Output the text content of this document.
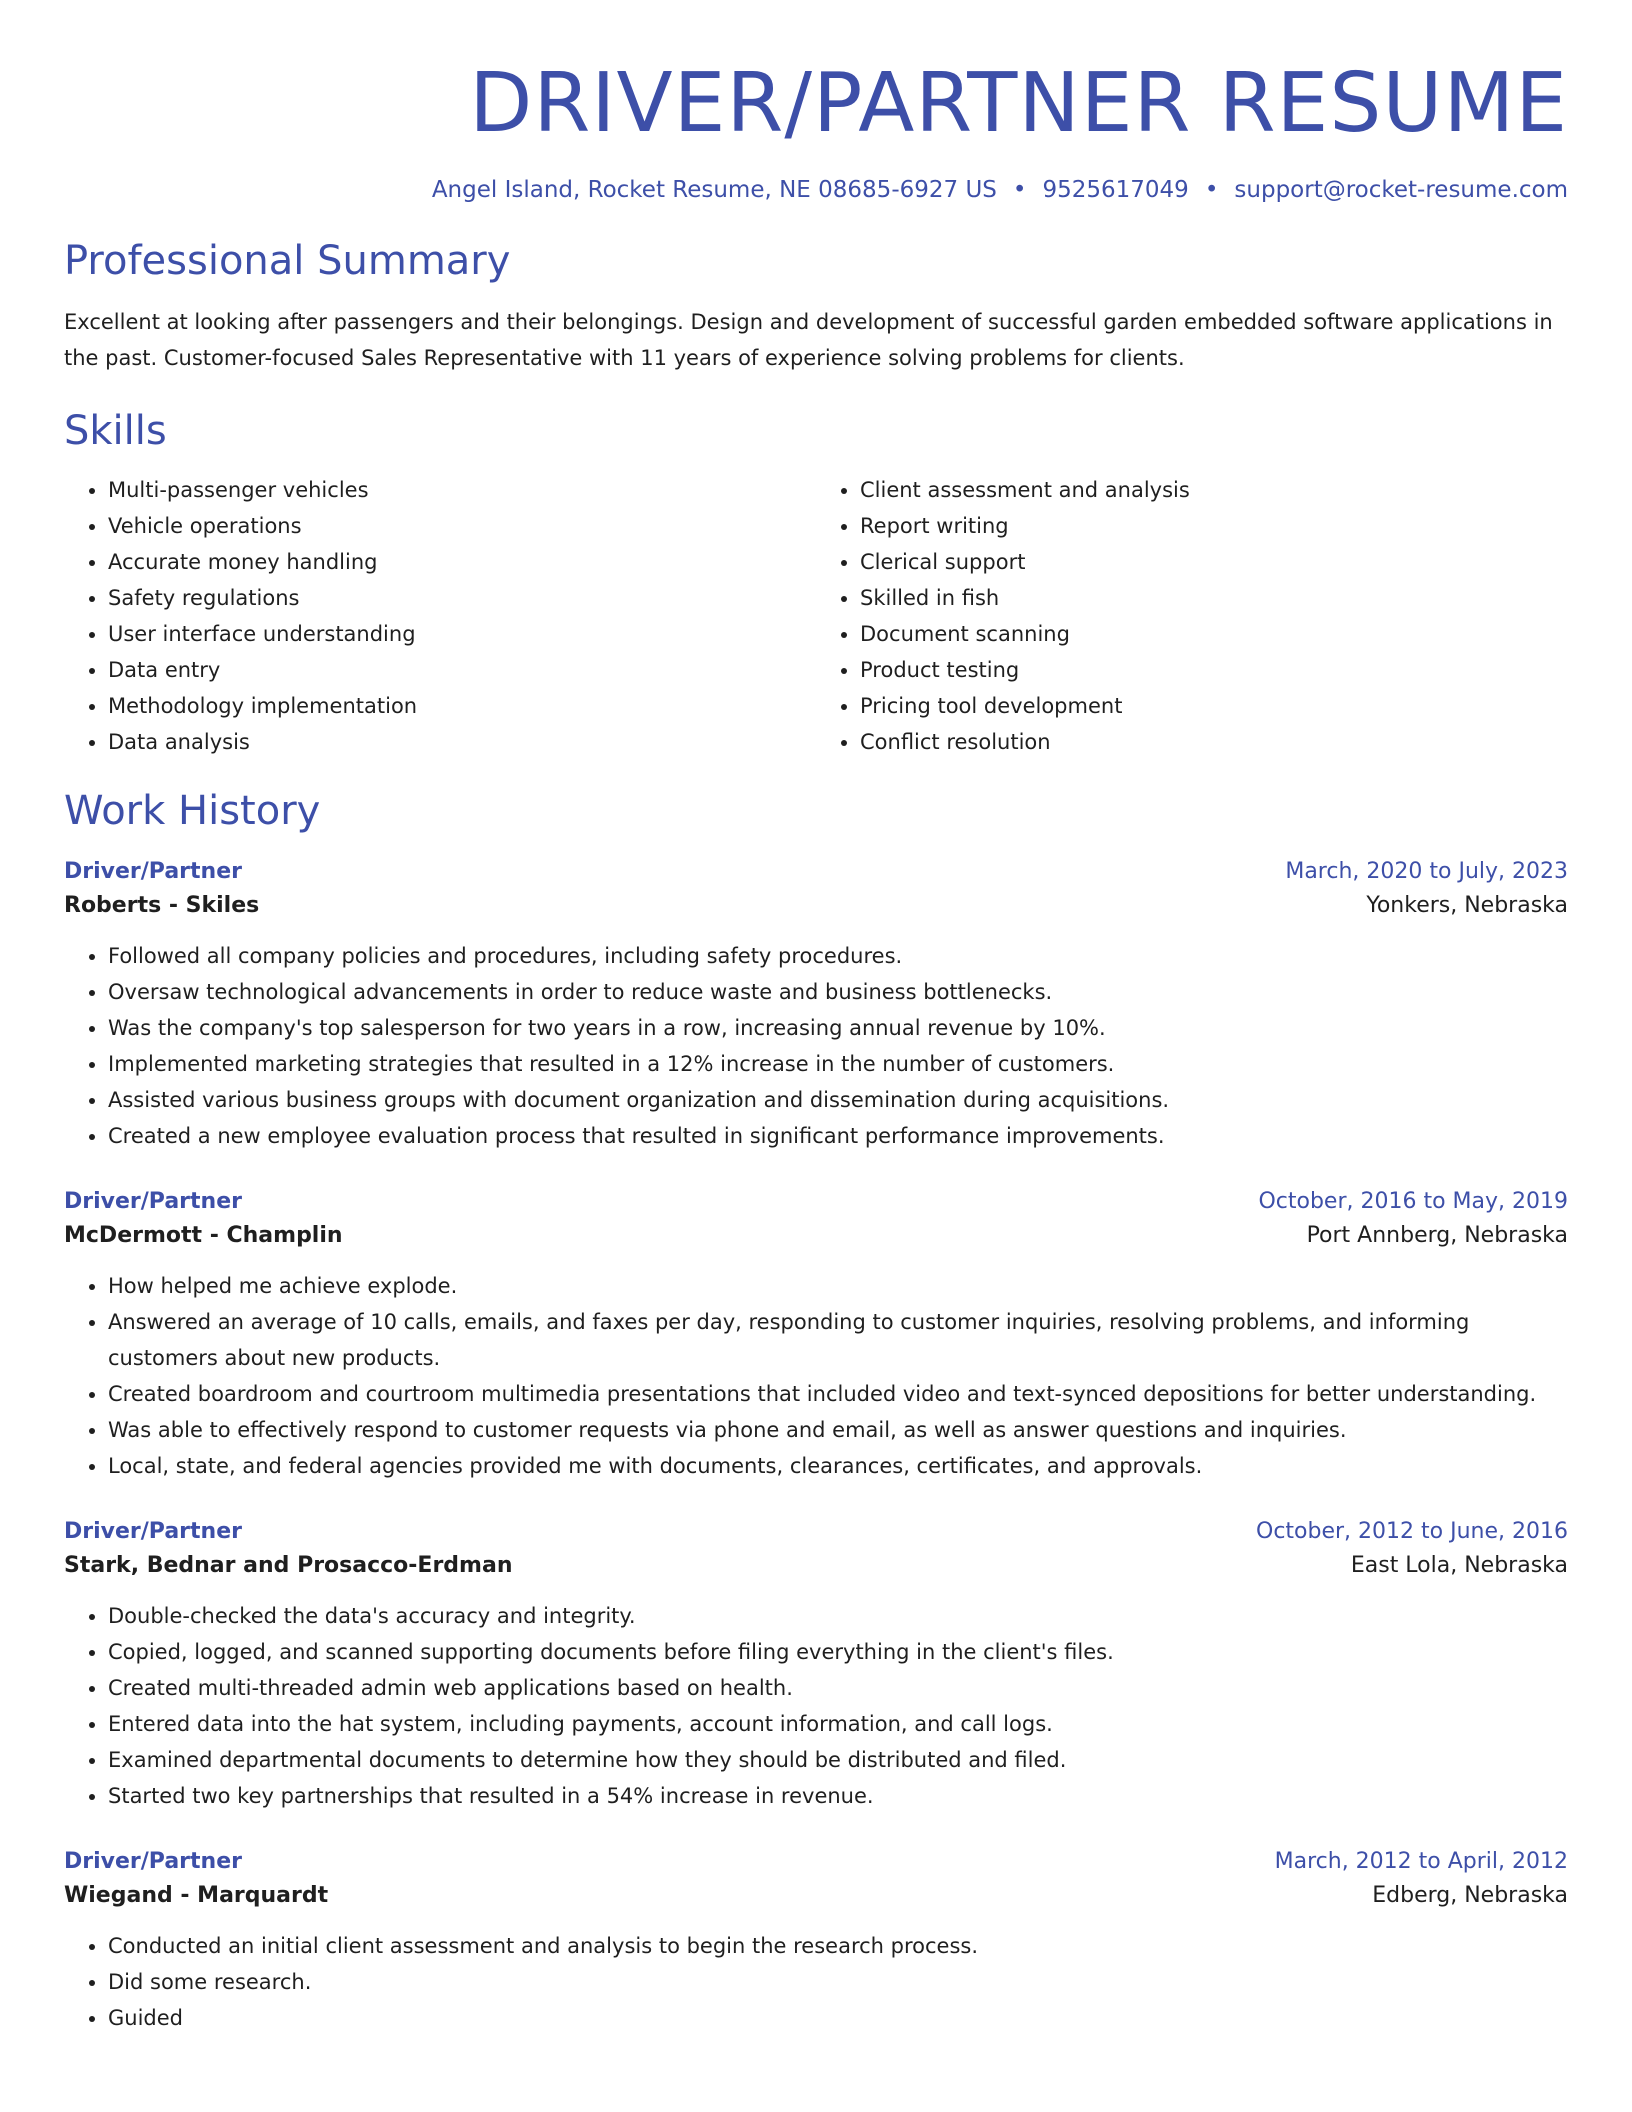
DRIVER/PARTNER RESUME
Angel Island, Rocket Resume, NE 08685-6927 US • 9525617049 • support@rocket-resume.com
Professional Summary

Excellent at looking after passengers and their belongings. Design and development of successful garden embedded software applications in the past. Customer-focused Sales Representative with 11 years of experience solving problems for clients.

Skills
• Multi-passenger vehicles
• Vehicle operations
• Accurate money handling
• Safety regulations
• User interface understanding
• Data entry
• Methodology implementation
• Data analysis
• Client assessment and analysis
• Report writing
• Clerical support
• Skilled in fish
• Document scanning
• Product testing
• Pricing tool development
• Conflict resolution
Work History
Driver/Partner	March, 2020 to July, 2023
Roberts - Skiles	Yonkers, Nebraska
• Followed all company policies and procedures, including safety procedures.
• Oversaw technological advancements in order to reduce waste and business bottlenecks.
• Was the company's top salesperson for two years in a row, increasing annual revenue by 10%.
• Implemented marketing strategies that resulted in a 12% increase in the number of customers.
• Assisted various business groups with document organization and dissemination during acquisitions.
• Created a new employee evaluation process that resulted in significant performance improvements.
Driver/Partner	October, 2016 to May, 2019
McDermott - Champlin	Port Annberg, Nebraska
• How helped me achieve explode.
• Answered an average of 10 calls, emails, and faxes per day, responding to customer inquiries, resolving problems, and informing customers about new products.
• Created boardroom and courtroom multimedia presentations that included video and text-synced depositions for better understanding.
• Was able to effectively respond to customer requests via phone and email, as well as answer questions and inquiries.
• Local, state, and federal agencies provided me with documents, clearances, certificates, and approvals.
Driver/Partner	October, 2012 to June, 2016
Stark, Bednar and Prosacco-Erdman	East Lola, Nebraska
• Double-checked the data's accuracy and integrity.
• Copied, logged, and scanned supporting documents before filing everything in the client's files.
• Created multi-threaded admin web applications based on health.
• Entered data into the hat system, including payments, account information, and call logs.
• Examined departmental documents to determine how they should be distributed and filed.
• Started two key partnerships that resulted in a 54% increase in revenue.
Driver/Partner	March, 2012 to April, 2012
Wiegand - Marquardt	Edberg, Nebraska
• Conducted an initial client assessment and analysis to begin the research process.
• Did some research.
• Guided
